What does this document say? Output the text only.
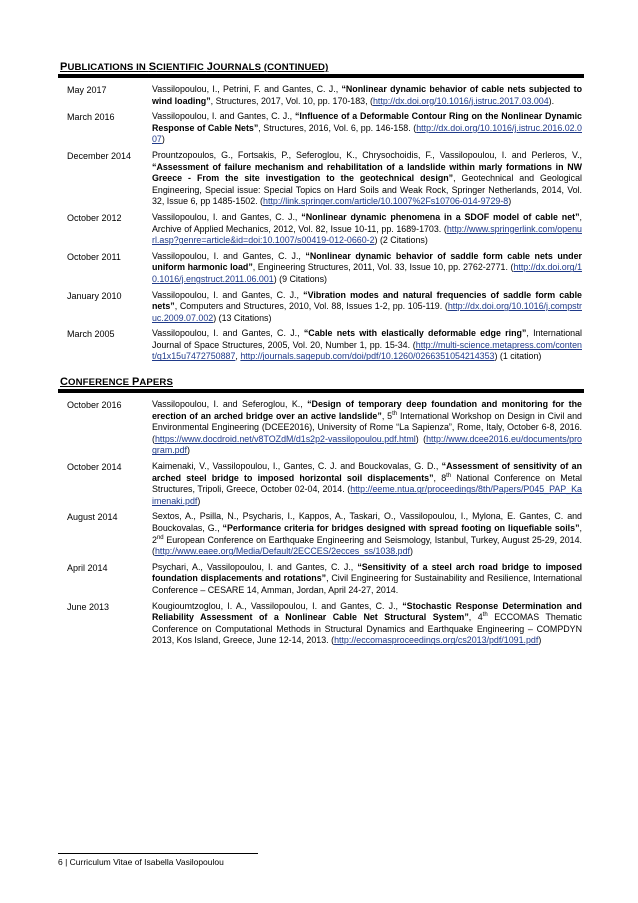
PUBLICATIONS IN SCIENTIFIC JOURNALS (CONTINUED)
May 2017	Vassilopoulou, I., Petrini, F. and Gantes, C. J., “Nonlinear dynamic behavior of cable nets subjected to wind loading”, Structures, 2017, Vol. 10, pp. 170-183, (http://dx.doi.org/10.1016/j.istruc.2017.03.004).
March 2016	Vassilopoulou, I. and Gantes, C. J., “Influence of a Deformable Contour Ring on the Nonlinear Dynamic Response of Cable Nets”, Structures, 2016, Vol. 6, pp. 146-158. (http://dx.doi.org/10.1016/j.istruc.2016.02.007)
December 2014	Prountzopoulos, G., Fortsakis, P., Seferoglou, K., Chrysochoidis, F., Vassilopoulou, I. and Perleros, V., “Assessment of failure mechanism and rehabilitation of a landslide within marly formations in NW Greece - From the site investigation to the geotechnical design”, Geotechnical and Geological Engineering, Special issue: Special Topics on Hard Soils and Weak Rock, Springer Netherlands, 2014, Vol. 32, Issue 6, pp 1485-1502. (http://link.springer.com/article/10.1007%2Fs10706-014-9729-8)
October 2012	Vassilopoulou, I. and Gantes, C. J., “Nonlinear dynamic phenomena in a SDOF model of cable net”, Archive of Applied Mechanics, 2012, Vol. 82, Issue 10-11, pp. 1689-1703. (http://www.springerlink.com/openurl.asp?genre=article&id=doi:10.1007/s00419-012-0660-2) (2 Citations)
October 2011	Vassilopoulou, I. and Gantes, C. J., “Nonlinear dynamic behavior of saddle form cable nets under uniform harmonic load”, Engineering Structures, 2011, Vol. 33, Issue 10, pp. 2762-2771. (http://dx.doi.org/10.1016/j.engstruct.2011.06.001) (9 Citations)
January 2010	Vassilopoulou, I. and Gantes, C. J., “Vibration modes and natural frequencies of saddle form cable nets”, Computers and Structures, 2010, Vol. 88, Issues 1-2, pp. 105-119. (http://dx.doi.org/10.1016/j.compstruc.2009.07.002) (13 Citations)
March 2005	Vassilopoulou, I. and Gantes, C. J., “Cable nets with elastically deformable edge ring”, International Journal of Space Structures, 2005, Vol. 20, Number 1, pp. 15-34. (http://multi-science.metapress.com/content/q1x15u7472750887, http://journals.sagepub.com/doi/pdf/10.1260/0266351054214353) (1 citation)
CONFERENCE PAPERS
October 2016	Vassilopoulou, I. and Seferoglou, K., “Design of temporary deep foundation and monitoring for the erection of an arched bridge over an active landslide”, 5th International Workshop on Design in Civil and Environmental Engineering (DCEE2016), University of Rome “La Sapienza”, Rome, Italy, October 6-8, 2016. (https://www.docdroid.net/v8TOZdM/d1s2p2-vassilopoulou.pdf.html) (http://www.dcee2016.eu/documents/program.pdf)
October 2014	Kaimenaki, V., Vassilopoulou, I., Gantes, C. J. and Bouckovalas, G. D., “Assessment of sensitivity of an arched steel bridge to imposed horizontal soil displacements”, 8th National Conference on Metal Structures, Tripoli, Greece, October 02-04, 2014. (http://eeme.ntua.gr/proceedings/8th/Papers/P045_PAP_Kaimenaki.pdf)
August 2014	Sextos, A., Psilla, N., Psycharis, I., Kappos, A., Taskari, O., Vassilopoulou, I., Mylona, E. Gantes, C. and Bouckovalas, G., “Performance criteria for bridges designed with spread footing on liquefiable soils”, 2nd European Conference on Earthquake Engineering and Seismology, Istanbul, Turkey, August 25-29, 2014. (http://www.eaee.org/Media/Default/2ECCES/2ecces_ss/1038.pdf)
April 2014	Psychari, A., Vassilopoulou, I. and Gantes, C. J., “Sensitivity of a steel arch road bridge to imposed foundation displacements and rotations”, Civil Engineering for Sustainability and Resilience, International Conference – CESARE 14, Amman, Jordan, April 24-27, 2014.
June 2013	Kougioumtzoglou, I. A., Vassilopoulou, I. and Gantes, C. J., “Stochastic Response Determination and Reliability Assessment of a Nonlinear Cable Net Structural System”, 4th ECCOMAS Thematic Conference on Computational Methods in Structural Dynamics and Earthquake Engineering – COMPDYN 2013, Kos Island, Greece, June 12-14, 2013. (http://eccomasproceedings.org/cs2013/pdf/1091.pdf)
6 | Curriculum Vitae of Isabella Vasilopoulou
